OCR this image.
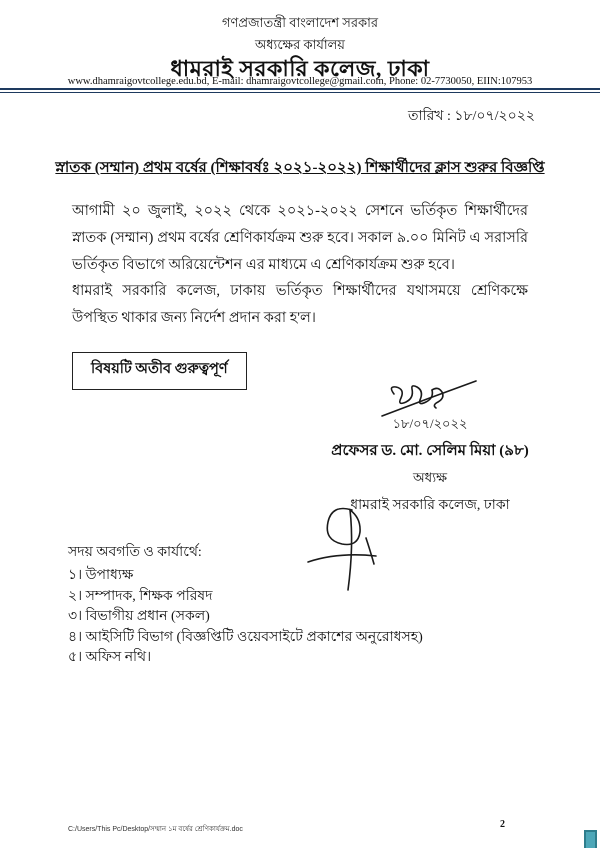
গণপ্রজাতন্ত্রী বাংলাদেশ সরকার
অধ্যক্ষের কার্যালয়
ধামরাই সরকারি কলেজ, ঢাকা
www.dhamraigovtcollege.edu.bd, E-mail: dhamraigovtcollege@gmail.com, Phone: 02-7730050, EIIN:107953
তারিখ : ১৮/০৭/২০২২
স্নাতক (সম্মান) প্রথম বর্ষের (শিক্ষাবর্ষঃ ২০২১-২০২২) শিক্ষার্থীদের ক্লাস শুরুর বিজ্ঞপ্তি
আগামী ২০ জুলাই, ২০২২ থেকে ২০২১-২০২২ সেশনে ভর্তিকৃত শিক্ষার্থীদের স্নাতক (সম্মান) প্রথম বর্ষের শ্রেণিকার্যক্রম শুরু হবে। সকাল ৯.০০ মিনিট এ সরাসরি ভর্তিকৃত বিভাগে অরিয়েন্টেশন এর মাধ্যমে এ শ্রেণিকার্যক্রম শুরু হবে।
ধামরাই সরকারি কলেজ, ঢাকায় ভর্তিকৃত শিক্ষার্থীদের যথাসময়ে শ্রেণিকক্ষে উপস্থিত থাকার জন্য নির্দেশ প্রদান করা হ'ল।
বিষয়টি অতীব গুরুত্বপূর্ণ
১৮/০৭/২০২২
প্রফেসর ড. মো. সেলিম মিয়া (৯৮)
অধ্যক্ষ
ধামরাই সরকারি কলেজ, ঢাকা
সদয় অবগতি ও কার্যার্থে:
১। উপাধ্যক্ষ
২। সম্পাদক, শিক্ষক পরিষদ
৩। বিভাগীয় প্রধান (সকল)
৪। আইসিটি বিভাগ (বিজ্ঞপ্তিটি ওয়েবসাইটে প্রকাশের অনুরোধসহ)
৫। অফিস নথি।
C:/Users/This Pc/Desktop/সম্মান ১ম বর্ষের শ্রেণিকার্যক্রম.doc	2
